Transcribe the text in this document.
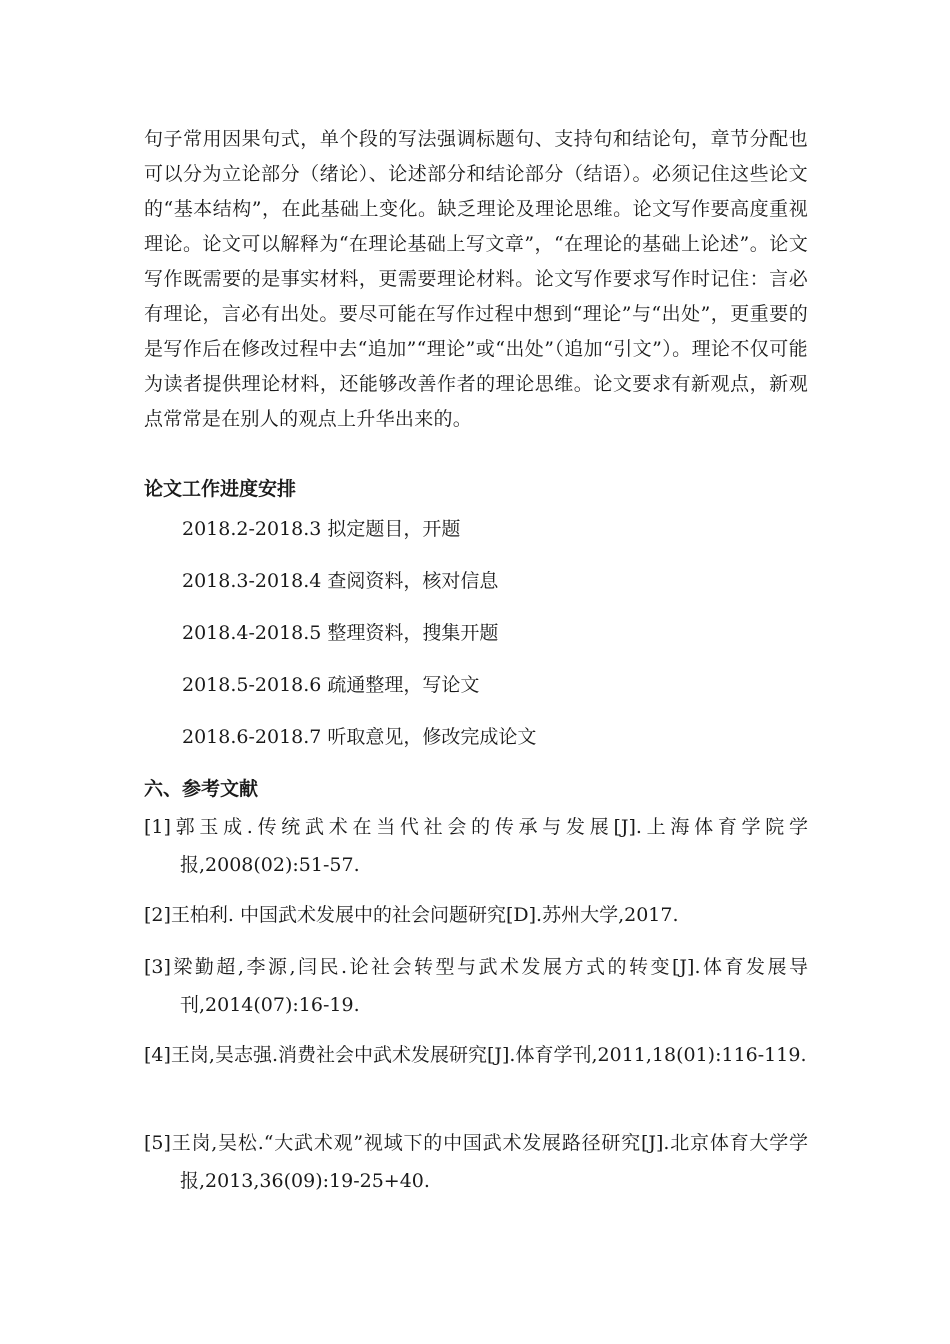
句子常用因果句式，单个段的写法强调标题句、支持句和结论句，章节分配也可以分为立论部分（绪论）、论述部分和结论部分（结语）。必须记住这些论文的“基本结构”，在此基础上变化。缺乏理论及理论思维。论文写作要高度重视理论。论文可以解释为“在理论基础上写文章”，“在理论的基础上论述”。论文写作既需要的是事实材料，更需要理论材料。论文写作要求写作时记住：言必有理论，言必有出处。要尽可能在写作过程中想到“理论”与“出处”，更重要的是写作后在修改过程中去“追加”“理论”或“出处”（追加“引文”）。理论不仅可能为读者提供理论材料，还能够改善作者的理论思维。论文要求有新观点，新观点常常是在别人的观点上升华出来的。

论文工作进度安排

2018.2-2018.3 拟定题目，开题

2018.3-2018.4 查阅资料，核对信息

2018.4-2018.5 整理资料，搜集开题

2018.5-2018.6 疏通整理，写论文

2018.6-2018.7 听取意见，修改完成论文

六、参考文献

[1]郭玉成.传统武术在当代社会的传承与发展[J].上海体育学院学报,2008(02):51-57.

[2]王柏利. 中国武术发展中的社会问题研究[D].苏州大学,2017.

[3]梁勤超,李源,闫民.论社会转型与武术发展方式的转变[J].体育发展导刊,2014(07):16-19.

[4]王岗,吴志强.消费社会中武术发展研究[J].体育学刊,2011,18(01):116-119.

[5]王岗,吴松.“大武术观”视域下的中国武术发展路径研究[J].北京体育大学学报,2013,36(09):19-25+40.
